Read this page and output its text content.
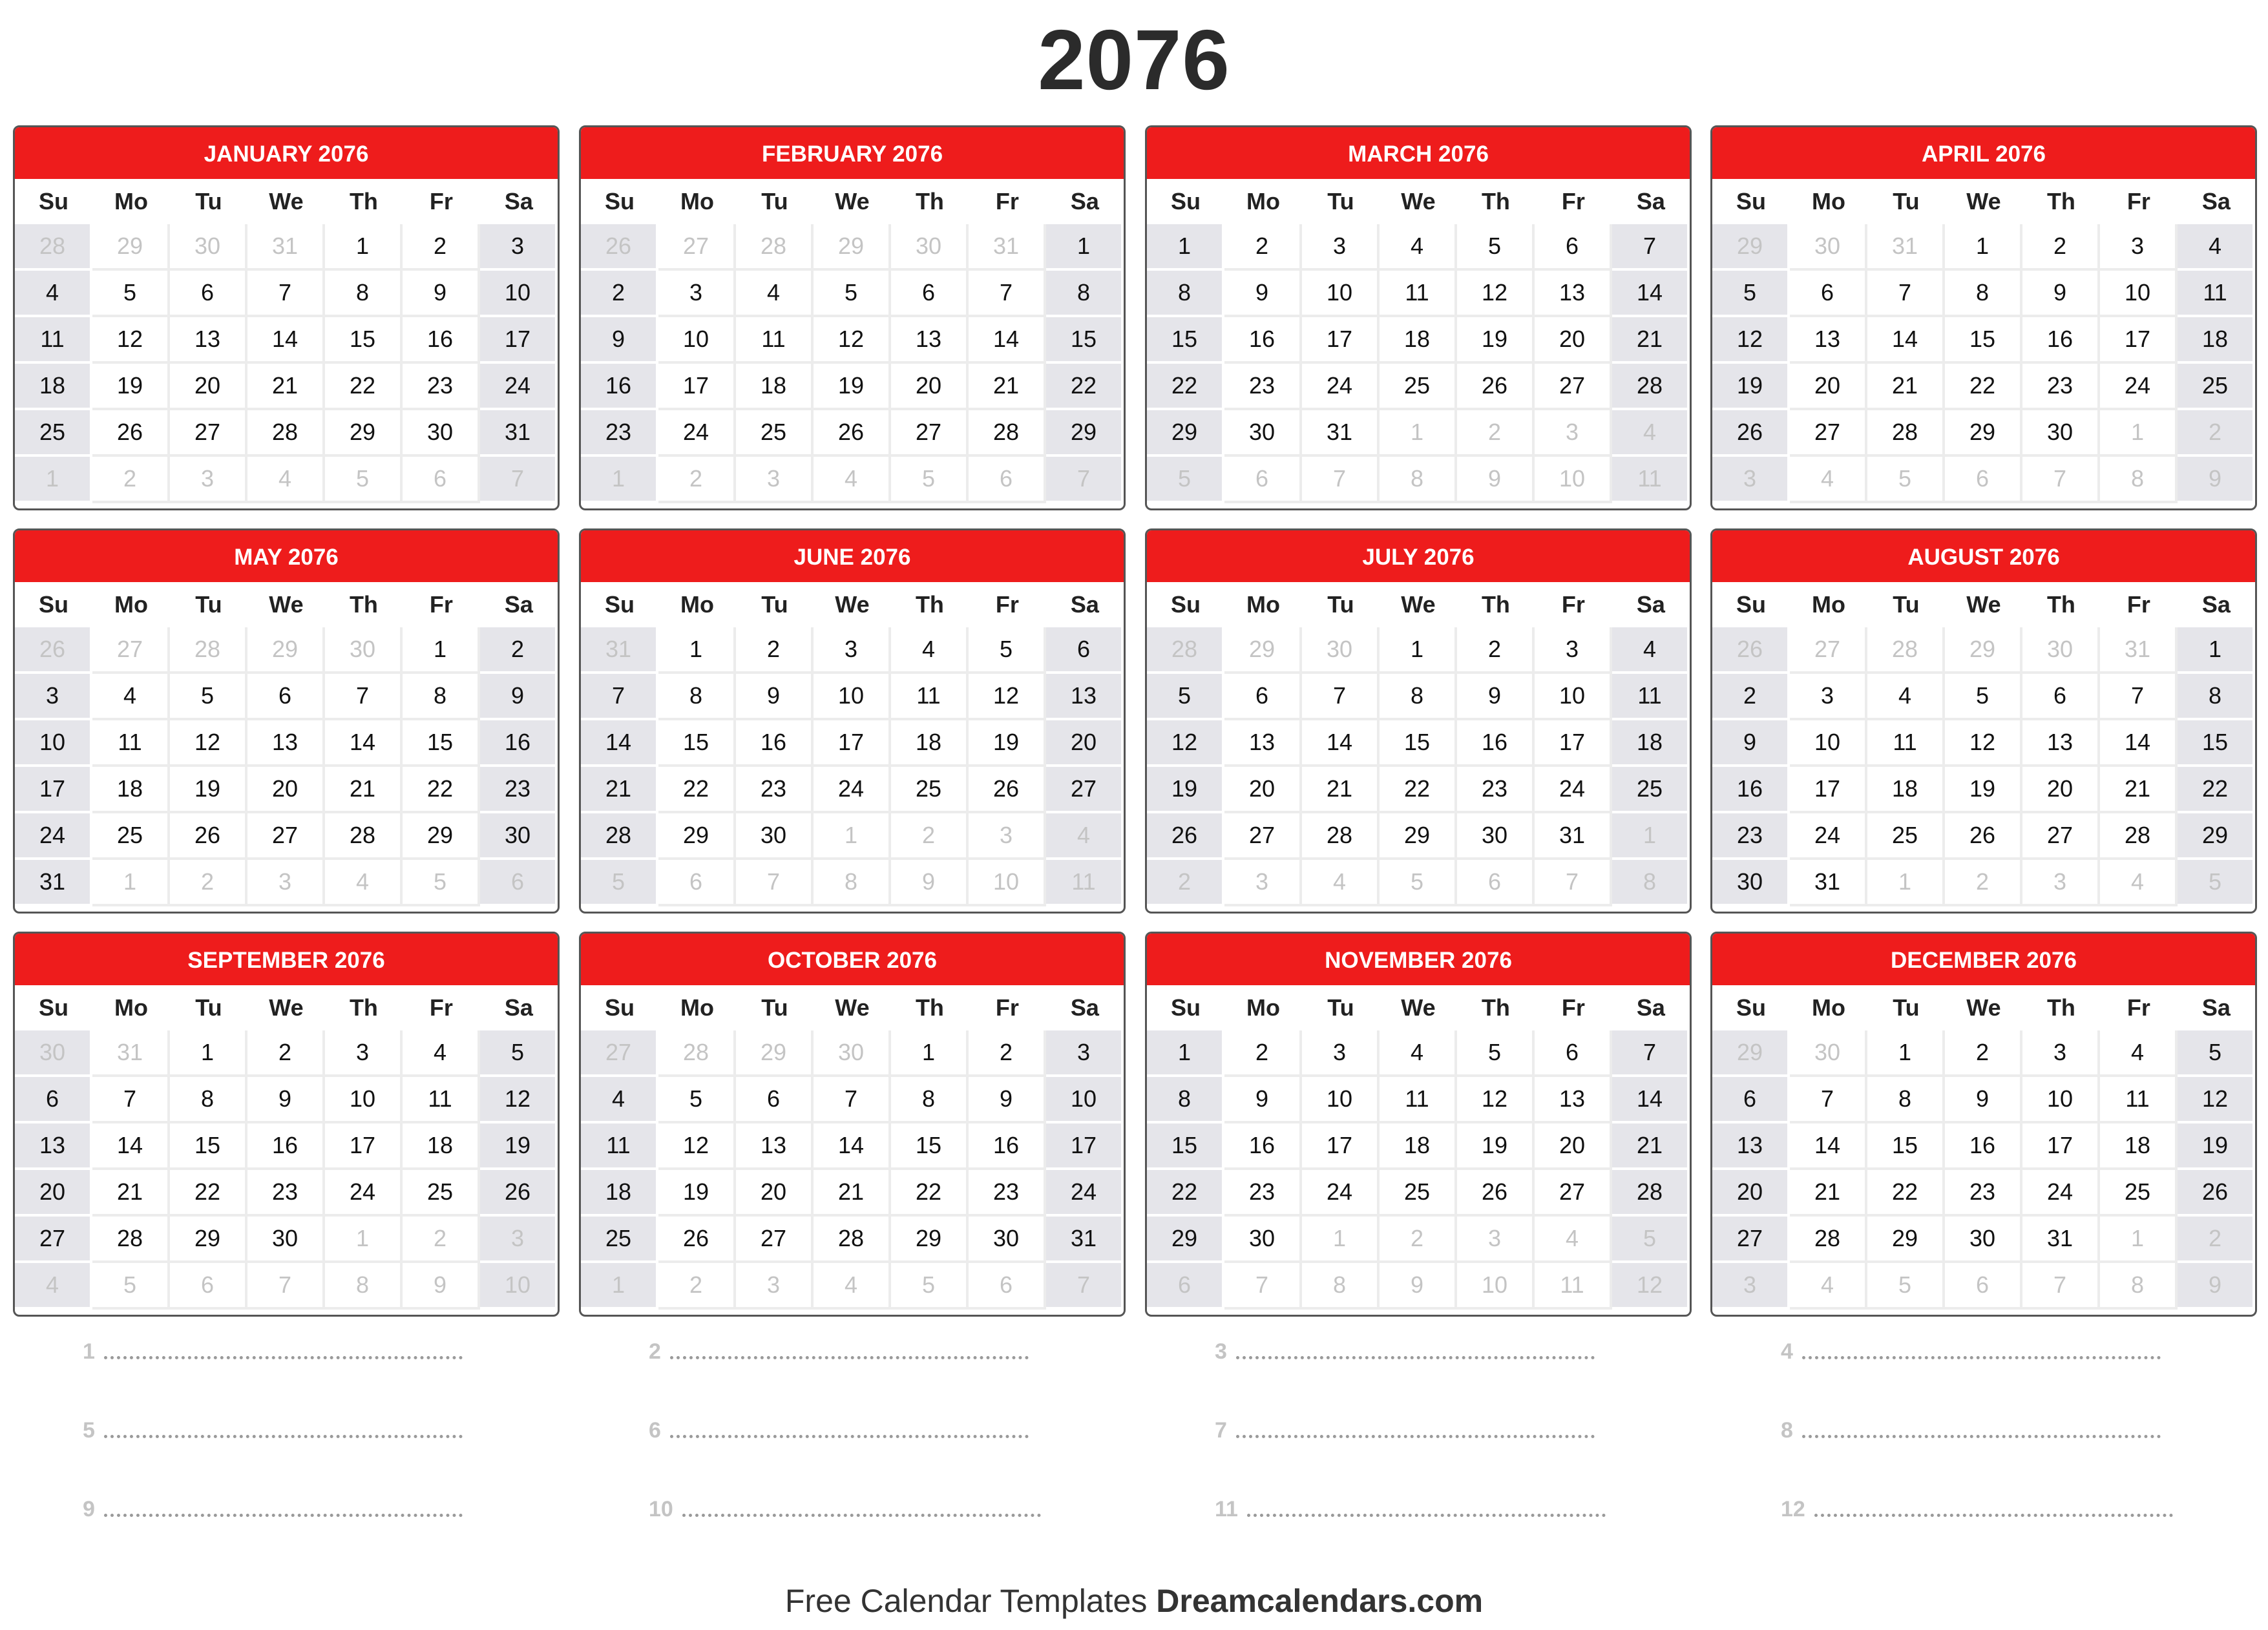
2076
JANUARY 2076
Su	Mo	Tu	We	Th	Fr	Sa
28	29	30	31	1	2	3
4	5	6	7	8	9	10
11	12	13	14	15	16	17
18	19	20	21	22	23	24
25	26	27	28	29	30	31
1	2	3	4	5	6	7
FEBRUARY 2076
Su	Mo	Tu	We	Th	Fr	Sa
26	27	28	29	30	31	1
2	3	4	5	6	7	8
9	10	11	12	13	14	15
16	17	18	19	20	21	22
23	24	25	26	27	28	29
1	2	3	4	5	6	7
MARCH 2076
Su	Mo	Tu	We	Th	Fr	Sa
1	2	3	4	5	6	7
8	9	10	11	12	13	14
15	16	17	18	19	20	21
22	23	24	25	26	27	28
29	30	31	1	2	3	4
5	6	7	8	9	10	11
APRIL 2076
Su	Mo	Tu	We	Th	Fr	Sa
29	30	31	1	2	3	4
5	6	7	8	9	10	11
12	13	14	15	16	17	18
19	20	21	22	23	24	25
26	27	28	29	30	1	2
3	4	5	6	7	8	9
MAY 2076
Su	Mo	Tu	We	Th	Fr	Sa
26	27	28	29	30	1	2
3	4	5	6	7	8	9
10	11	12	13	14	15	16
17	18	19	20	21	22	23
24	25	26	27	28	29	30
31	1	2	3	4	5	6
JUNE 2076
Su	Mo	Tu	We	Th	Fr	Sa
31	1	2	3	4	5	6
7	8	9	10	11	12	13
14	15	16	17	18	19	20
21	22	23	24	25	26	27
28	29	30	1	2	3	4
5	6	7	8	9	10	11
JULY 2076
Su	Mo	Tu	We	Th	Fr	Sa
28	29	30	1	2	3	4
5	6	7	8	9	10	11
12	13	14	15	16	17	18
19	20	21	22	23	24	25
26	27	28	29	30	31	1
2	3	4	5	6	7	8
AUGUST 2076
Su	Mo	Tu	We	Th	Fr	Sa
26	27	28	29	30	31	1
2	3	4	5	6	7	8
9	10	11	12	13	14	15
16	17	18	19	20	21	22
23	24	25	26	27	28	29
30	31	1	2	3	4	5
SEPTEMBER 2076
Su	Mo	Tu	We	Th	Fr	Sa
30	31	1	2	3	4	5
6	7	8	9	10	11	12
13	14	15	16	17	18	19
20	21	22	23	24	25	26
27	28	29	30	1	2	3
4	5	6	7	8	9	10
OCTOBER 2076
Su	Mo	Tu	We	Th	Fr	Sa
27	28	29	30	1	2	3
4	5	6	7	8	9	10
11	12	13	14	15	16	17
18	19	20	21	22	23	24
25	26	27	28	29	30	31
1	2	3	4	5	6	7
NOVEMBER 2076
Su	Mo	Tu	We	Th	Fr	Sa
1	2	3	4	5	6	7
8	9	10	11	12	13	14
15	16	17	18	19	20	21
22	23	24	25	26	27	28
29	30	1	2	3	4	5
6	7	8	9	10	11	12
DECEMBER 2076
Su	Mo	Tu	We	Th	Fr	Sa
29	30	1	2	3	4	5
6	7	8	9	10	11	12
13	14	15	16	17	18	19
20	21	22	23	24	25	26
27	28	29	30	31	1	2
3	4	5	6	7	8	9
1	2	3	4
5	6	7	8
9	10	11	12
Free Calendar Templates Dreamcalendars.com
